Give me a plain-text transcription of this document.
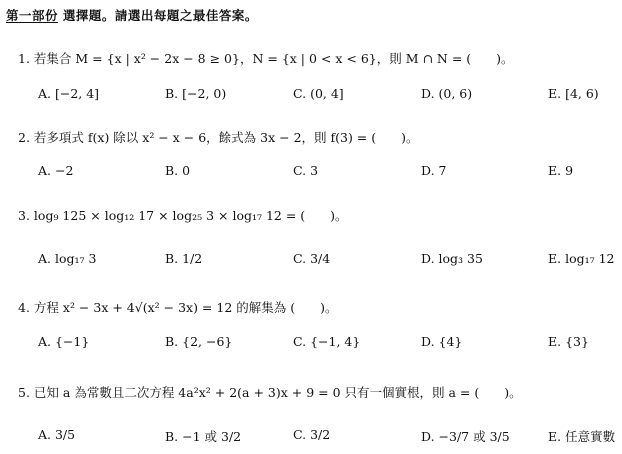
第一部份 選擇題。請選出每題之最佳答案。
1. 若集合 M = {x | x² − 2x − 8 ≥ 0}，N = {x | 0 < x < 6}，則 M ∩ N = (　　)。
A. [−2, 4]	B. [−2, 0)	C. (0, 4]	D. (0, 6)	E. [4, 6)
2. 若多項式 f(x) 除以 x² − x − 6，餘式為 3x − 2，則 f(3) = (　　)。
A. −2	B. 0	C. 3	D. 7	E. 9
3. log₉ 125 × log₁₂ 17 × log₂₅ 3 × log₁₇ 12 = (　　)。
A. log₁₇ 3	B. 1/2	C. 3/4	D. log₃ 35	E. log₁₇ 12
4. 方程 x² − 3x + 4√(x² − 3x) = 12 的解集為 (　　)。
A. {−1}	B. {2, −6}	C. {−1, 4}	D. {4}	E. {3}
5. 已知 a 為常數且二次方程 4a²x² + 2(a + 3)x + 9 = 0 只有一個實根，則 a = (　　)。
A. 3/5	B. −1 或 3/2	C. 3/2	D. −3/7 或 3/5	E. 任意實數
